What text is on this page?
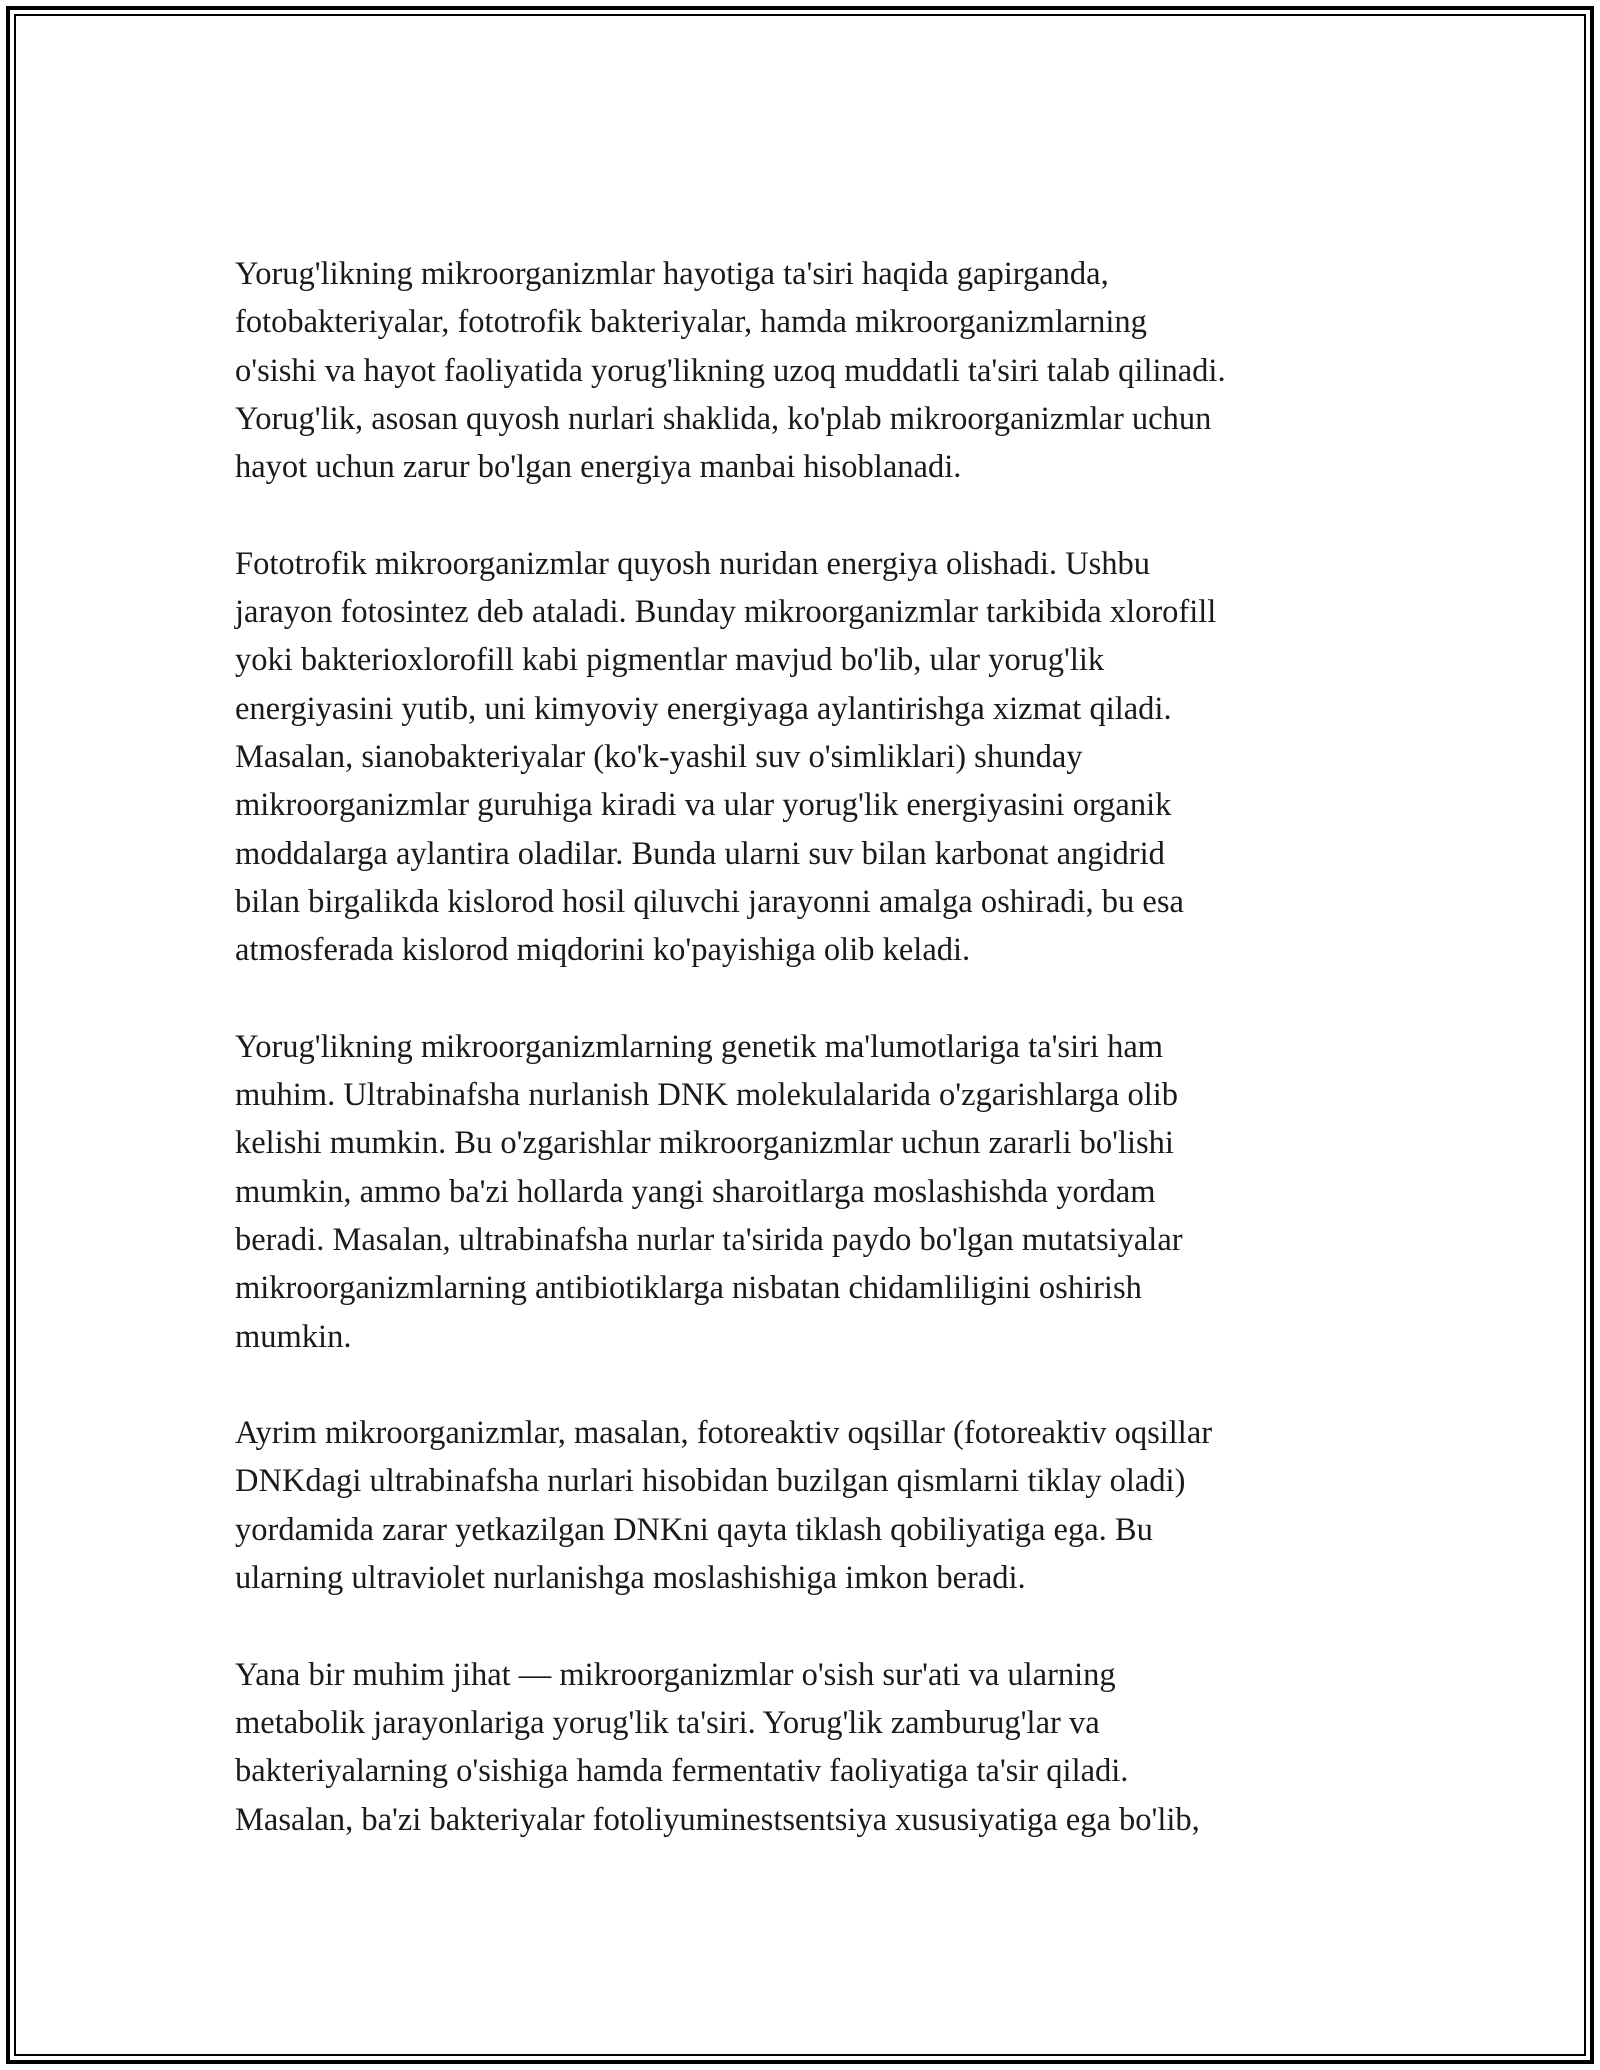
Yorug'likning mikroorganizmlar hayotiga ta'siri haqida gapirganda,
fotobakteriyalar, fototrofik bakteriyalar, hamda mikroorganizmlarning
o'sishi va hayot faoliyatida yorug'likning uzoq muddatli ta'siri talab qilinadi.
Yorug'lik, asosan quyosh nurlari shaklida, ko'plab mikroorganizmlar uchun
hayot uchun zarur bo'lgan energiya manbai hisoblanadi.

Fototrofik mikroorganizmlar quyosh nuridan energiya olishadi. Ushbu
jarayon fotosintez deb ataladi. Bunday mikroorganizmlar tarkibida xlorofill
yoki bakterioxlorofill kabi pigmentlar mavjud bo'lib, ular yorug'lik
energiyasini yutib, uni kimyoviy energiyaga aylantirishga xizmat qiladi.
Masalan, sianobakteriyalar (ko'k-yashil suv o'simliklari) shunday
mikroorganizmlar guruhiga kiradi va ular yorug'lik energiyasini organik
moddalarga aylantira oladilar. Bunda ularni suv bilan karbonat angidrid
bilan birgalikda kislorod hosil qiluvchi jarayonni amalga oshiradi, bu esa
atmosferada kislorod miqdorini ko'payishiga olib keladi.

Yorug'likning mikroorganizmlarning genetik ma'lumotlariga ta'siri ham
muhim. Ultrabinafsha nurlanish DNK molekulalarida o'zgarishlarga olib
kelishi mumkin. Bu o'zgarishlar mikroorganizmlar uchun zararli bo'lishi
mumkin, ammo ba'zi hollarda yangi sharoitlarga moslashishda yordam
beradi. Masalan, ultrabinafsha nurlar ta'sirida paydo bo'lgan mutatsiyalar
mikroorganizmlarning antibiotiklarga nisbatan chidamliligini oshirish
mumkin.

Ayrim mikroorganizmlar, masalan, fotoreaktiv oqsillar (fotoreaktiv oqsillar
DNKdagi ultrabinafsha nurlari hisobidan buzilgan qismlarni tiklay oladi)
yordamida zarar yetkazilgan DNKni qayta tiklash qobiliyatiga ega. Bu
ularning ultraviolet nurlanishga moslashishiga imkon beradi.

Yana bir muhim jihat — mikroorganizmlar o'sish sur'ati va ularning
metabolik jarayonlariga yorug'lik ta'siri. Yorug'lik zamburug'lar va
bakteriyalarning o'sishiga hamda fermentativ faoliyatiga ta'sir qiladi.
Masalan, ba'zi bakteriyalar fotoliyuminestsentsiya xususiyatiga ega bo'lib,
